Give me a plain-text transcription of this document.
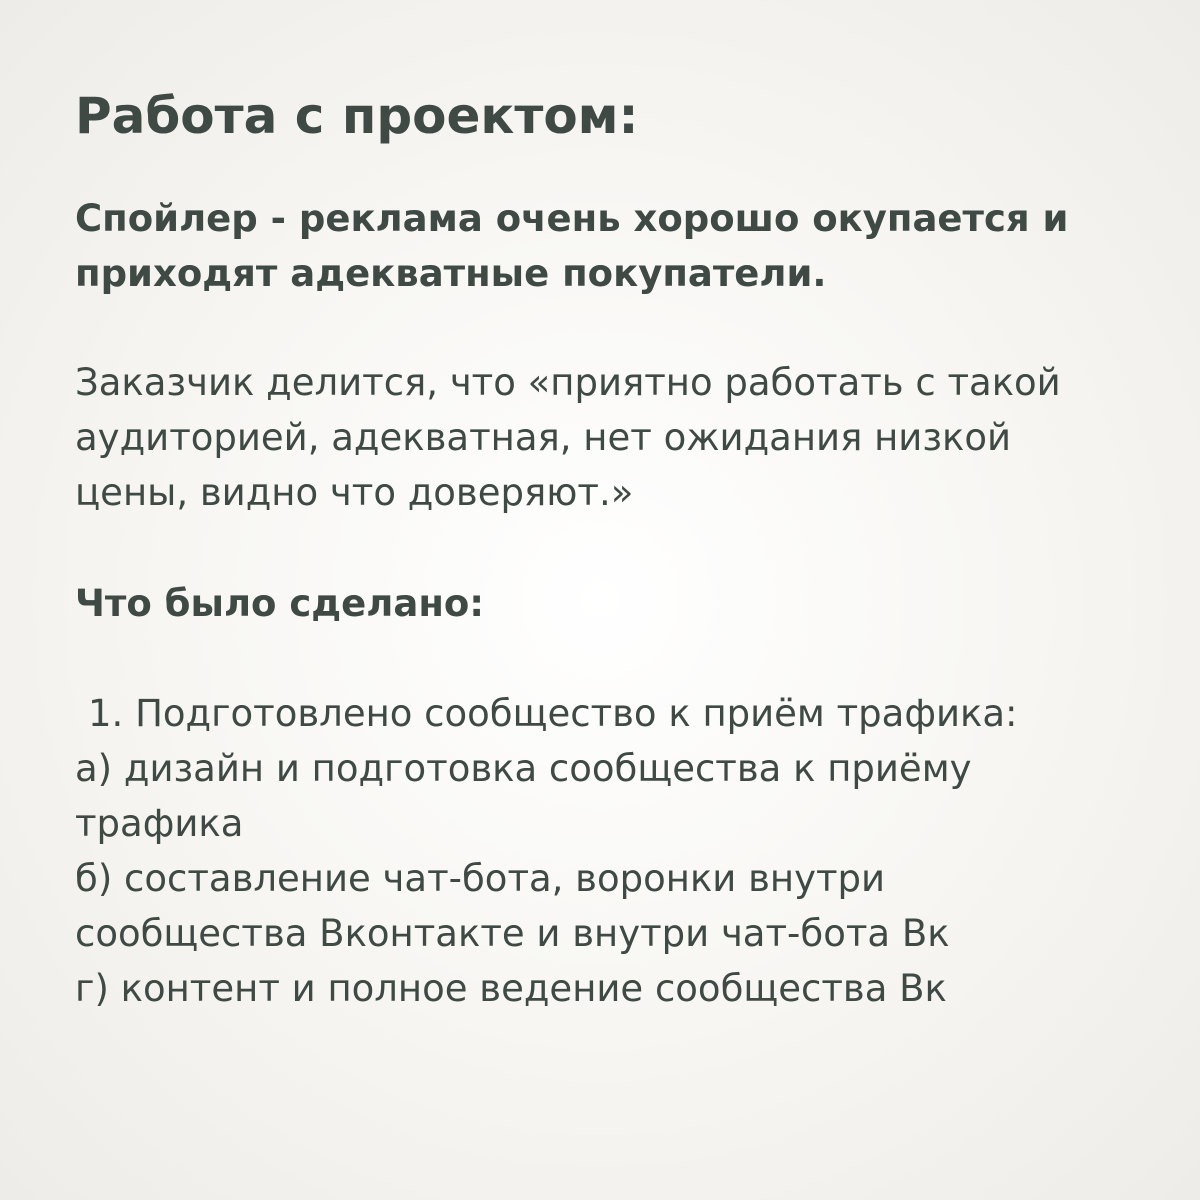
Работа с проектом:

Спойлер - реклама очень хорошо окупается и
приходят адекватные покупатели.

Заказчик делится, что «приятно работать с такой
аудиторией, адекватная, нет ожидания низкой
цены, видно что доверяют.»

Что было сделано:
1. Подготовлено сообщество к приём трафика:
а) дизайн и подготовка сообщества к приёму
трафика
б) составление чат-бота, воронки внутри
сообщества Вконтакте и внутри чат-бота Вк
г) контент и полное ведение сообщества Вк
